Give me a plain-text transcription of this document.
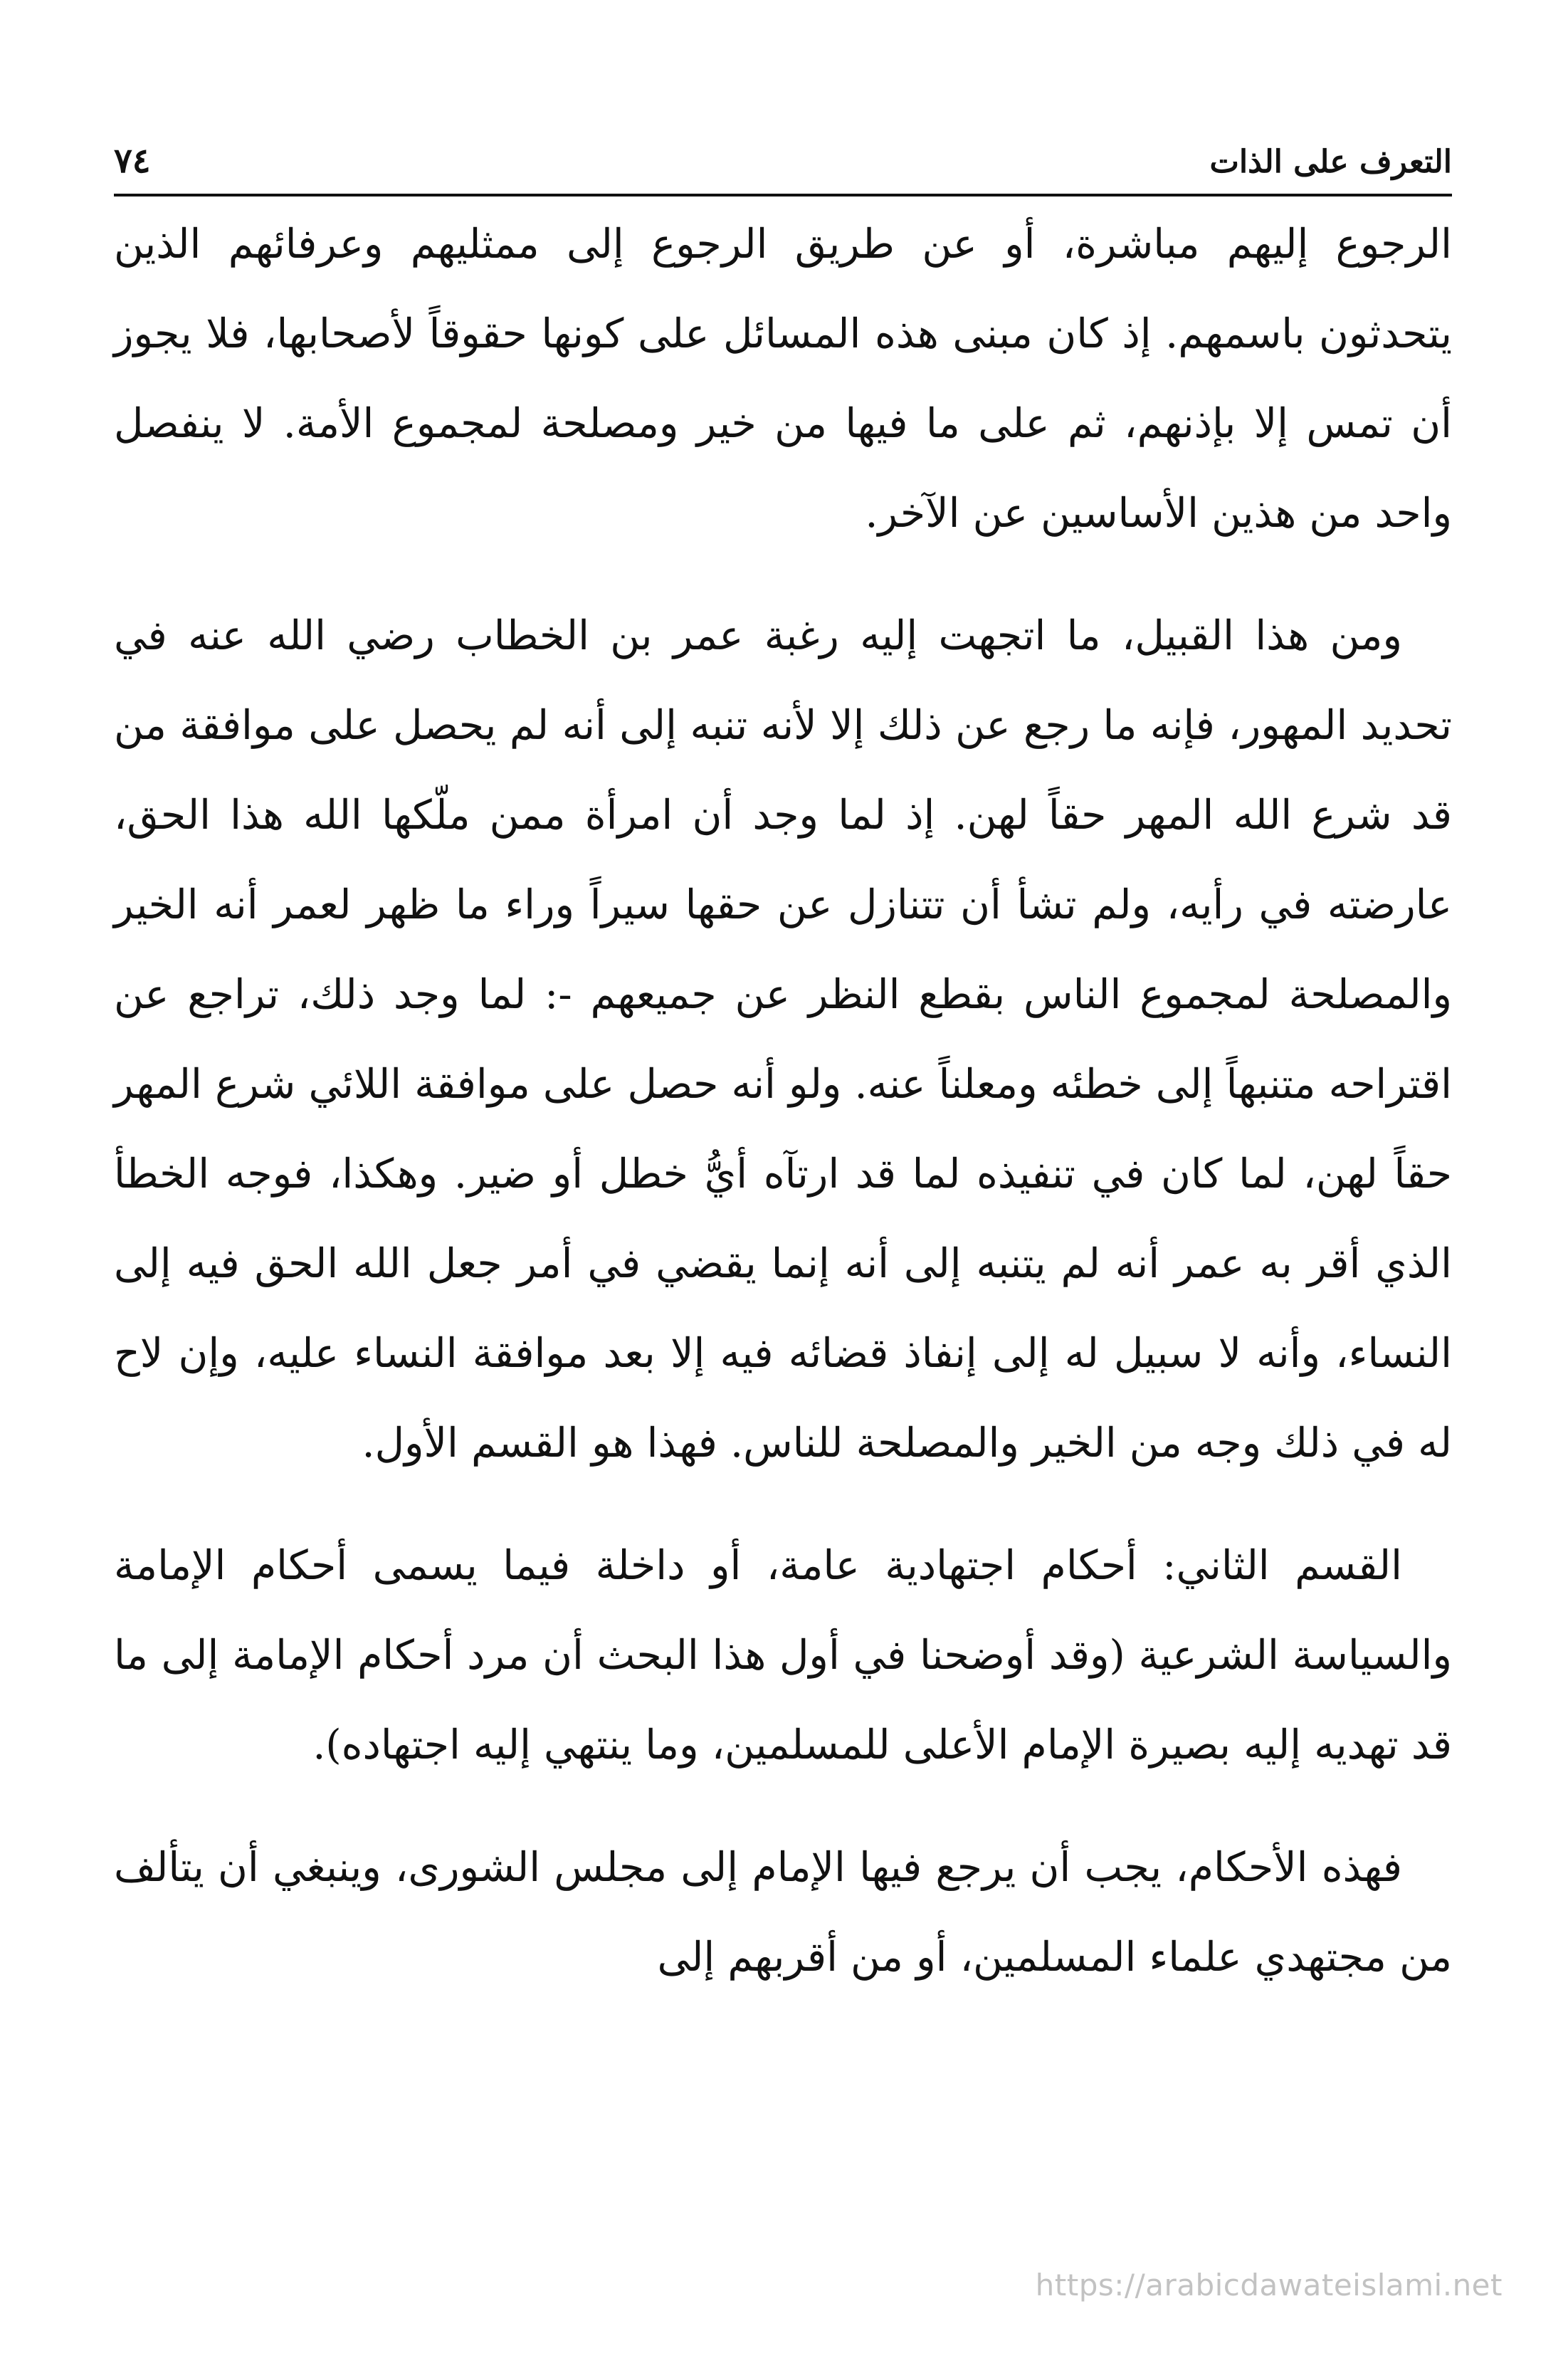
التعرف على الذات
٧٤

الرجوع إليهم مباشرة، أو عن طريق الرجوع إلى ممثليهم وعرفائهم الذين يتحدثون باسمهم. إذ كان مبنى هذه المسائل على كونها حقوقاً لأصحابها، فلا يجوز أن تمس إلا بإذنهم، ثم على ما فيها من خير ومصلحة لمجموع الأمة. لا ينفصل واحد من هذين الأساسين عن الآخر.

ومن هذا القبيل، ما اتجهت إليه رغبة عمر بن الخطاب رضي الله عنه في تحديد المهور، فإنه ما رجع عن ذلك إلا لأنه تنبه إلى أنه لم يحصل على موافقة من قد شرع الله المهر حقاً لهن. إذ لما وجد أن امرأة ممن ملّكها الله هذا الحق، عارضته في رأيه، ولم تشأ أن تتنازل عن حقها سيراً وراء ما ظهر لعمر أنه الخير والمصلحة لمجموع الناس بقطع النظر عن جميعهم -: لما وجد ذلك، تراجع عن اقتراحه متنبهاً إلى خطئه ومعلناً عنه. ولو أنه حصل على موافقة اللائي شرع المهر حقاً لهن، لما كان في تنفيذه لما قد ارتآه أيُّ خطل أو ضير. وهكذا، فوجه الخطأ الذي أقر به عمر أنه لم يتنبه إلى أنه إنما يقضي في أمر جعل الله الحق فيه إلى النساء، وأنه لا سبيل له إلى إنفاذ قضائه فيه إلا بعد موافقة النساء عليه، وإن لاح له في ذلك وجه من الخير والمصلحة للناس. فهذا هو القسم الأول.

القسم الثاني: أحكام اجتهادية عامة، أو داخلة فيما يسمى أحكام الإمامة والسياسة الشرعية (وقد أوضحنا في أول هذا البحث أن مرد أحكام الإمامة إلى ما قد تهديه إليه بصيرة الإمام الأعلى للمسلمين، وما ينتهي إليه اجتهاده).

فهذه الأحكام، يجب أن يرجع فيها الإمام إلى مجلس الشورى، وينبغي أن يتألف من مجتهدي علماء المسلمين، أو من أقربهم إلى

https://arabicdawateislami.net
